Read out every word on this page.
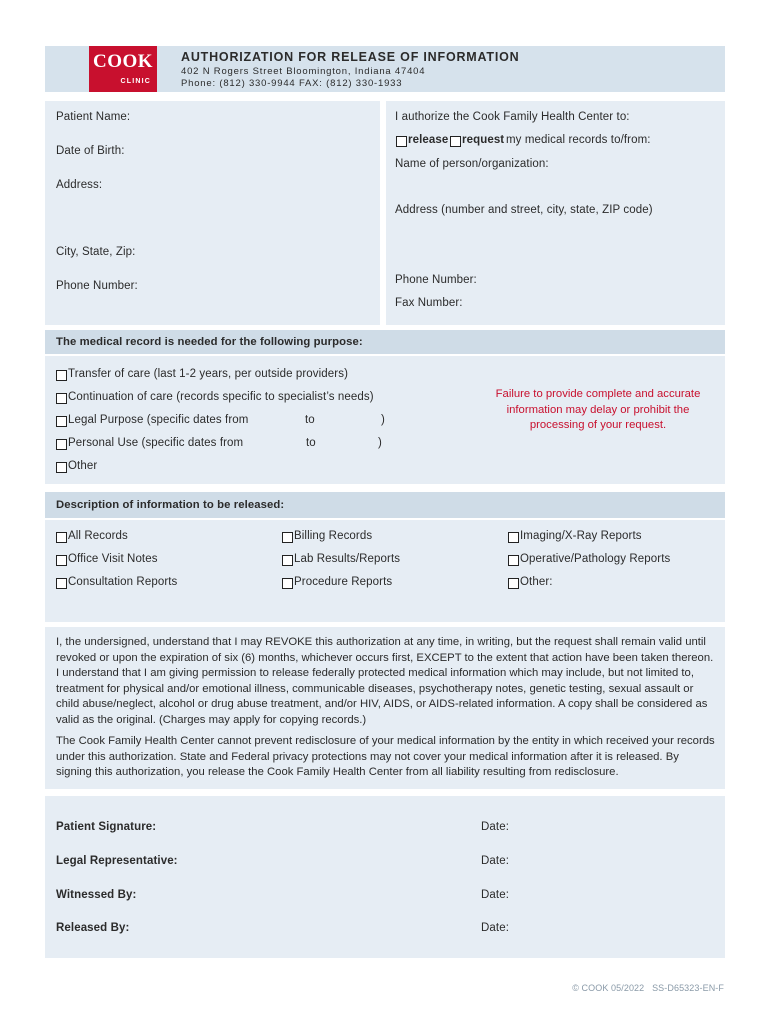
COOK
CLINIC
AUTHORIZATION FOR RELEASE OF INFORMATION
402 N Rogers Street Bloomington, Indiana 47404
Phone: (812) 330-9944 FAX: (812) 330-1933
Patient Name:
Date of Birth:
Address:
City, State, Zip:
Phone Number:
I authorize the Cook Family Health Center to:
release request my medical records to/from:
Name of person/organization:
Address (number and street, city, state, ZIP code)
Phone Number:
Fax Number:
The medical record is needed for the following purpose:
Transfer of care (last 1-2 years, per outside providers)
Continuation of care (records specific to specialist’s needs)
Legal Purpose (specific dates from	to	)
Personal Use (specific dates from	to	)
Other
Failure to provide complete and accurate information may delay or prohibit the processing of your request.
Description of information to be released:
All Records
Office Visit Notes
Consultation Reports
Billing Records
Lab Results/Reports
Procedure Reports
Imaging/X-Ray Reports
Operative/Pathology Reports
Other:
I, the undersigned, understand that I may REVOKE this authorization at any time, in writing, but the request shall remain valid until revoked or upon the expiration of six (6) months, whichever occurs first, EXCEPT to the extent that action have been taken thereon. I understand that I am giving permission to release federally protected medical information which may include, but not limited to, treatment for physical and/or emotional illness, communicable diseases, psychotherapy notes, genetic testing, sexual assault or child abuse/neglect, alcohol or drug abuse treatment, and/or HIV, AIDS, or AIDS-related information. A copy shall be considered as valid as the original. (Charges may apply for copying records.)
The Cook Family Health Center cannot prevent redisclosure of your medical information by the entity in which received your records under this authorization. State and Federal privacy protections may not cover your medical information after it is released. By signing this authorization, you release the Cook Family Health Center from all liability resulting from redisclosure.
Patient Signature:	Date:
Legal Representative:	Date:
Witnessed By:	Date:
Released By:	Date:
© COOK 05/2022   SS-D65323-EN-F
